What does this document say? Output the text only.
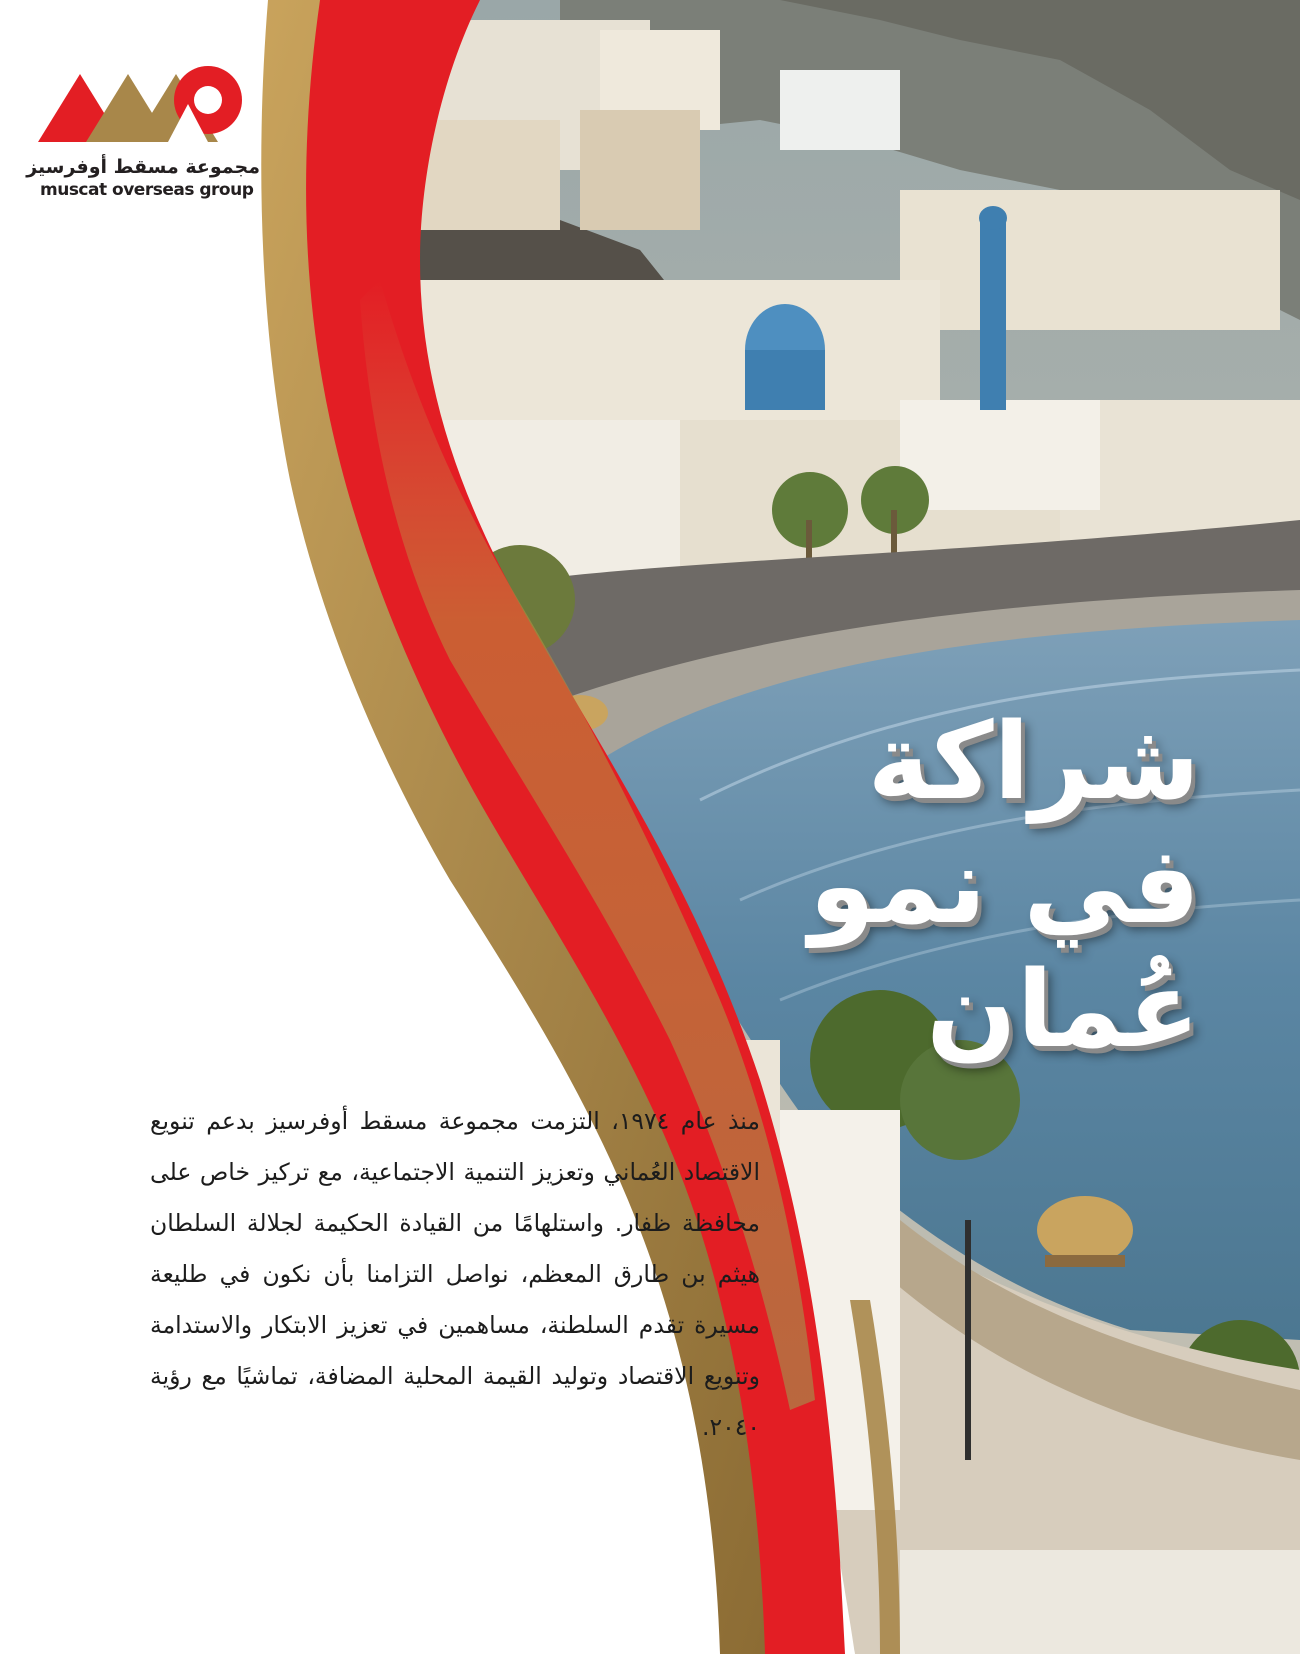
مجموعة مسقط أوفرسيز
muscat overseas group
شراكة
في نمو
عُمان
منذ عام ١٩٧٤، التزمت مجموعة مسقط أوفرسيز بدعم تنويع الاقتصاد العُماني وتعزيز التنمية الاجتماعية، مع تركيز خاص على محافظة ظفار. واستلهامًا من القيادة الحكيمة لجلالة السلطان هيثم بن طارق المعظم، نواصل التزامنا بأن نكون في طليعة مسيرة تقدم السلطنة، مساهمين في تعزيز الابتكار والاستدامة وتنويع الاقتصاد وتوليد القيمة المحلية المضافة، تماشيًا مع رؤية ٢٠٤٠.
